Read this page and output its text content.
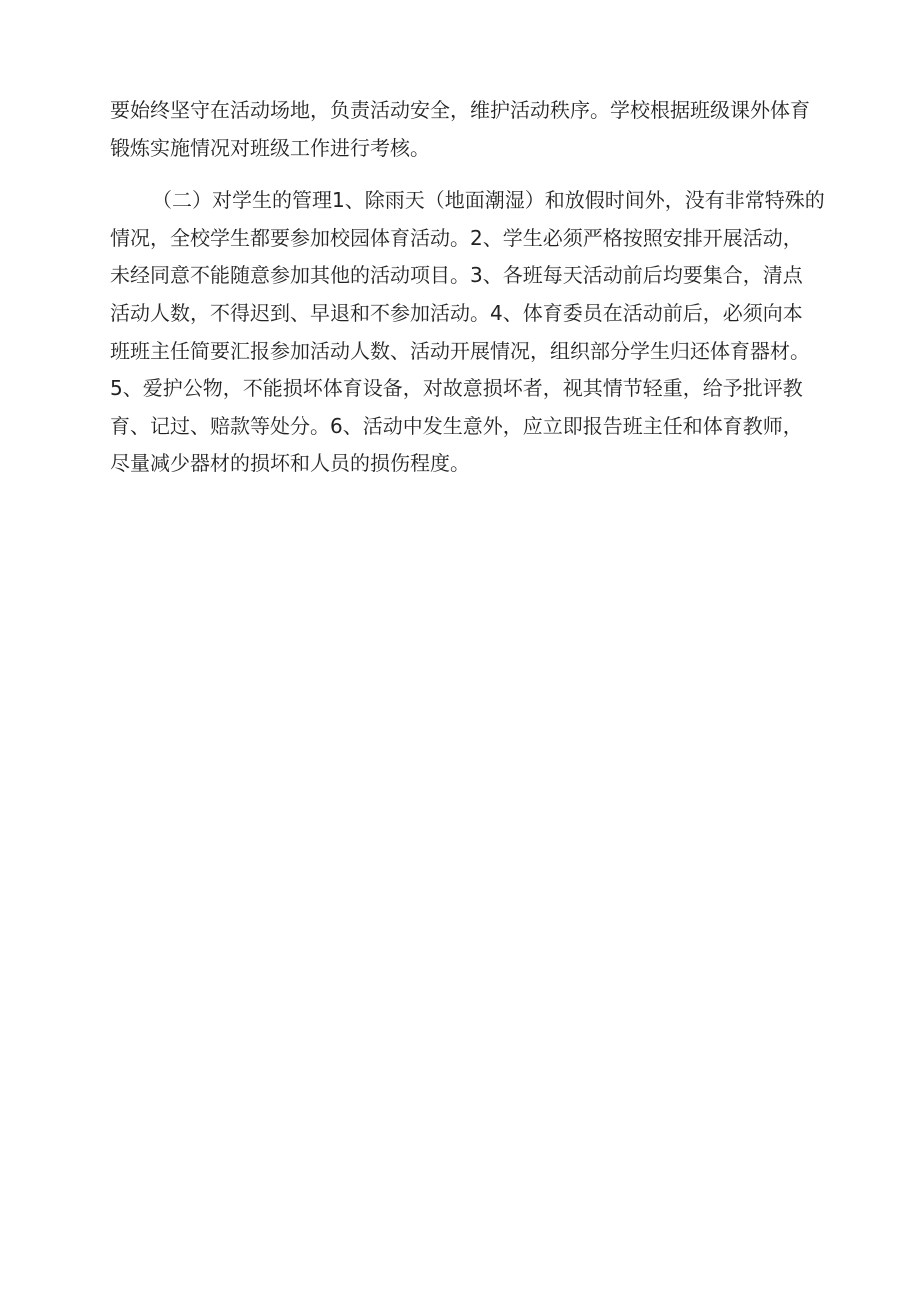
要始终坚守在活动场地，负责活动安全，维护活动秩序。学校根据班级课外体育
锻炼实施情况对班级工作进行考核。
（二）对学生的管理1、除雨天（地面潮湿）和放假时间外，没有非常特殊的
情况，全校学生都要参加校园体育活动。2、学生必须严格按照安排开展活动，
未经同意不能随意参加其他的活动项目。3、各班每天活动前后均要集合，清点
活动人数，不得迟到、早退和不参加活动。4、体育委员在活动前后，必须向本
班班主任简要汇报参加活动人数、活动开展情况，组织部分学生归还体育器材。
5、爱护公物，不能损坏体育设备，对故意损坏者，视其情节轻重，给予批评教
育、记过、赔款等处分。6、活动中发生意外，应立即报告班主任和体育教师，
尽量减少器材的损坏和人员的损伤程度。
